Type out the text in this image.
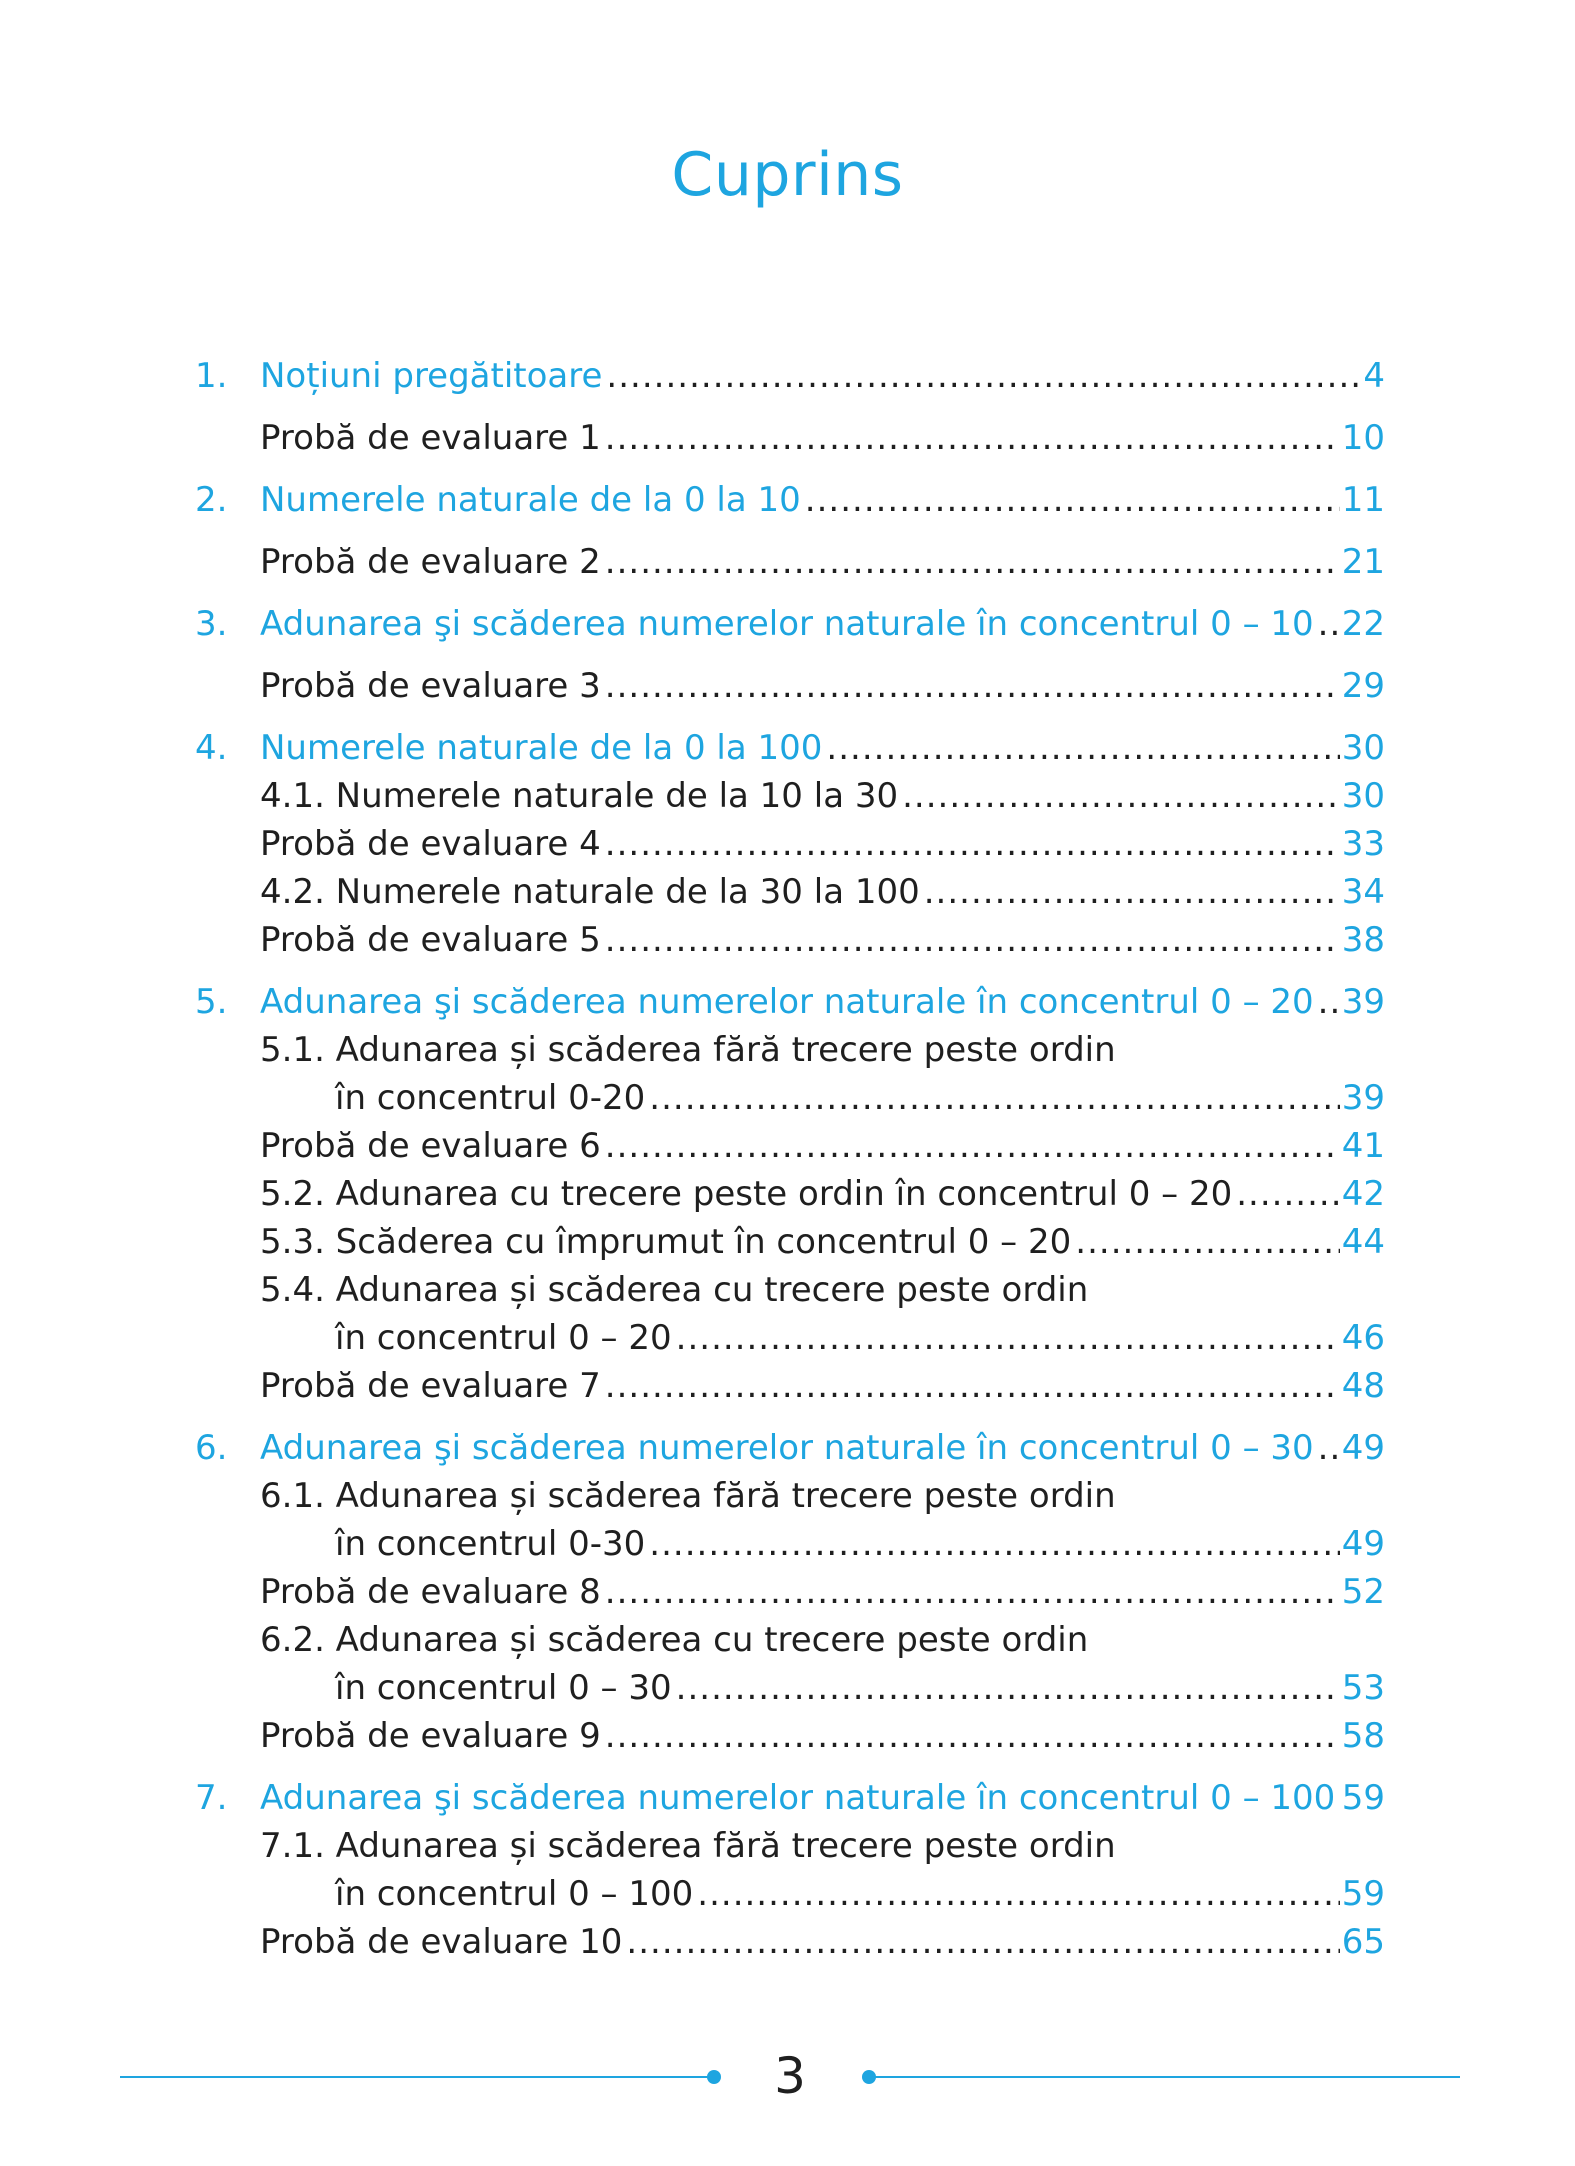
Cuprins
1. Noțiuni pregătitoare .....	4
Probă de evaluare 1 .....	10
2. Numerele naturale de la 0 la 10 .....	11
Probă de evaluare 2 .....	21
3. Adunarea şi scăderea numerelor naturale în concentrul 0 – 10 ..... 22
Probă de evaluare 3 .....	29
4. Numerele naturale de la 0 la 100 .....	30
4.1. Numerele naturale de la 10 la 30 .....	30
Probă de evaluare 4 .....	33
4.2. Numerele naturale de la 30 la 100 .....	34
Probă de evaluare 5 .....	38
5. Adunarea şi scăderea numerelor naturale în concentrul 0 – 20 ..... 39
5.1. Adunarea și scăderea fără trecere peste ordin
în concentrul 0-20 .....	39
Probă de evaluare 6 .....	41
5.2. Adunarea cu trecere peste ordin în concentrul 0 – 20 .....	42
5.3. Scăderea cu împrumut în concentrul 0 – 20 .....	44
5.4. Adunarea și scăderea cu trecere peste ordin
în concentrul 0 – 20 .....	46
Probă de evaluare 7 .....	48
6. Adunarea şi scăderea numerelor naturale în concentrul 0 – 30 ..... 49
6.1. Adunarea și scăderea fără trecere peste ordin
în concentrul 0-30 .....	49
Probă de evaluare 8 .....	52
6.2. Adunarea și scăderea cu trecere peste ordin
în concentrul 0 – 30 .....	53
Probă de evaluare 9 .....	58
7. Adunarea şi scăderea numerelor naturale în concentrul 0 – 100 ..... 59
7.1. Adunarea și scăderea fără trecere peste ordin
în concentrul 0 – 100 .....	59
Probă de evaluare 10 .....	65
3
